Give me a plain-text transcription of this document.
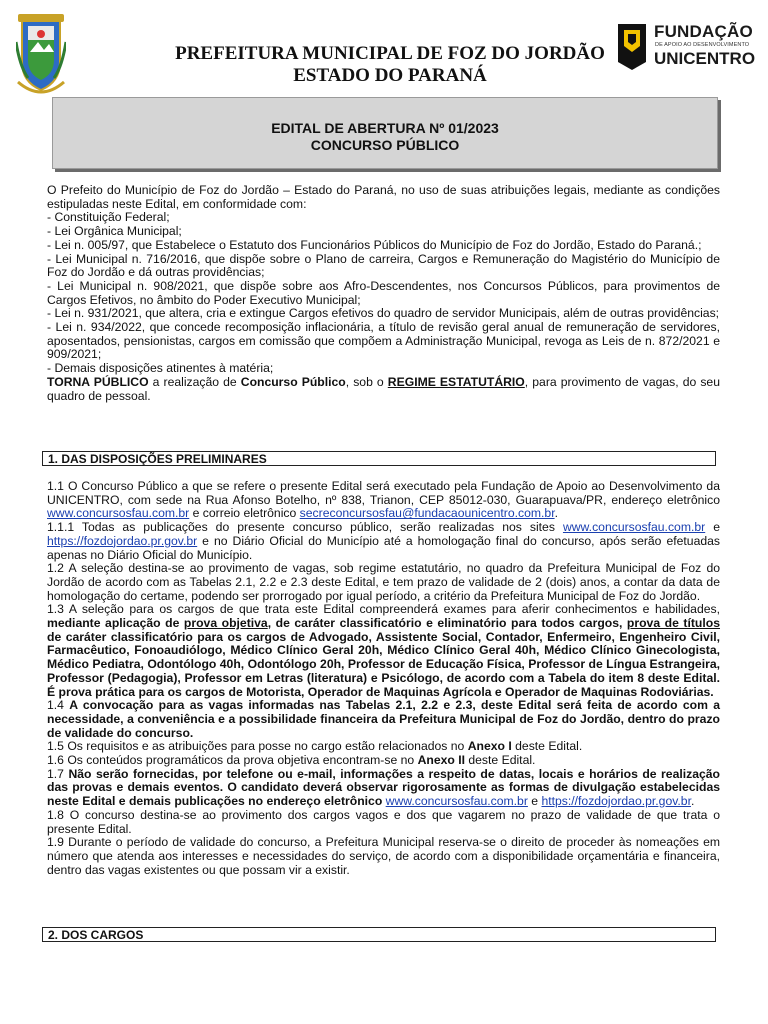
PREFEITURA MUNICIPAL DE FOZ DO JORDÃO
ESTADO DO PARANÁ
FUNDAÇÃO
DE APOIO AO DESENVOLVIMENTO
UNICENTRO
EDITAL DE ABERTURA Nº 01/2023
CONCURSO PÚBLICO

O Prefeito do Município de Foz do Jordão – Estado do Paraná, no uso de suas atribuições legais, mediante as condições estipuladas neste Edital, em conformidade com:

- Constituição Federal;

- Lei Orgânica Municipal;

- Lei n. 005/97, que Estabelece o Estatuto dos Funcionários Públicos do Município de Foz do Jordão, Estado do Paraná.;

- Lei Municipal n. 716/2016, que dispõe sobre o Plano de carreira, Cargos e Remuneração do Magistério do Município de Foz do Jordão e dá outras providências;

- Lei Municipal n. 908/2021, que dispõe sobre aos Afro-Descendentes, nos Concursos Públicos, para provimentos de Cargos Efetivos, no âmbito do Poder Executivo Municipal;

- Lei n. 931/2021, que altera, cria e extingue Cargos efetivos do quadro de servidor Municipais, além de outras providências;

- Lei n. 934/2022, que concede recomposição inflacionária, a título de revisão geral anual de remuneração de servidores, aposentados, pensionistas, cargos em comissão que compõem a Administração Municipal, revoga as Leis de n. 872/2021 e 909/2021;

- Demais disposições atinentes à matéria;

TORNA PÚBLICO a realização de Concurso Público, sob o REGIME ESTATUTÁRIO, para provimento de vagas, do seu quadro de pessoal.

1. DAS DISPOSIÇÕES PRELIMINARES

1.1 O Concurso Público a que se refere o presente Edital será executado pela Fundação de Apoio ao Desenvolvimento da UNICENTRO, com sede na Rua Afonso Botelho, nº 838, Trianon, CEP 85012-030, Guarapuava/PR, endereço eletrônico www.concursosfau.com.br e correio eletrônico secreconcursosfau@fundacaounicentro.com.br.

1.1.1 Todas as publicações do presente concurso público, serão realizadas nos sites www.concursosfau.com.br e https://fozdojordao.pr.gov.br e no Diário Oficial do Município até a homologação final do concurso, após serão efetuadas apenas no Diário Oficial do Município.

1.2 A seleção destina-se ao provimento de vagas, sob regime estatutário, no quadro da Prefeitura Municipal de Foz do Jordão de acordo com as Tabelas 2.1, 2.2 e 2.3 deste Edital, e tem prazo de validade de 2 (dois) anos, a contar da data de homologação do certame, podendo ser prorrogado por igual período, a critério da Prefeitura Municipal de Foz do Jordão.

1.3 A seleção para os cargos de que trata este Edital compreenderá exames para aferir conhecimentos e habilidades, mediante aplicação de prova objetiva, de caráter classificatório e eliminatório para todos cargos, prova de títulos de caráter classificatório para os cargos de Advogado, Assistente Social, Contador, Enfermeiro, Engenheiro Civil, Farmacêutico, Fonoaudiólogo, Médico Clínico Geral 20h, Médico Clínico Geral 40h, Médico Clínico Ginecologista, Médico Pediatra, Odontólogo 40h, Odontólogo 20h, Professor de Educação Física, Professor de Língua Estrangeira, Professor (Pedagogia), Professor em Letras (literatura) e Psicólogo, de acordo com a Tabela do item 8 deste Edital. É prova prática para os cargos de Motorista, Operador de Maquinas Agrícola e Operador de Maquinas Rodoviárias.

1.4 A convocação para as vagas informadas nas Tabelas 2.1, 2.2 e 2.3, deste Edital será feita de acordo com a necessidade, a conveniência e a possibilidade financeira da Prefeitura Municipal de Foz do Jordão, dentro do prazo de validade do concurso.

1.5 Os requisitos e as atribuições para posse no cargo estão relacionados no Anexo I deste Edital.

1.6 Os conteúdos programáticos da prova objetiva encontram-se no Anexo II deste Edital.

1.7 Não serão fornecidas, por telefone ou e-mail, informações a respeito de datas, locais e horários de realização das provas e demais eventos. O candidato deverá observar rigorosamente as formas de divulgação estabelecidas neste Edital e demais publicações no endereço eletrônico www.concursosfau.com.br e https://fozdojordao.pr.gov.br.

1.8 O concurso destina-se ao provimento dos cargos vagos e dos que vagarem no prazo de validade de que trata o presente Edital.

1.9 Durante o período de validade do concurso, a Prefeitura Municipal reserva-se o direito de proceder às nomeações em número que atenda aos interesses e necessidades do serviço, de acordo com a disponibilidade orçamentária e financeira, dentro das vagas existentes ou que possam vir a existir.

2. DOS CARGOS
